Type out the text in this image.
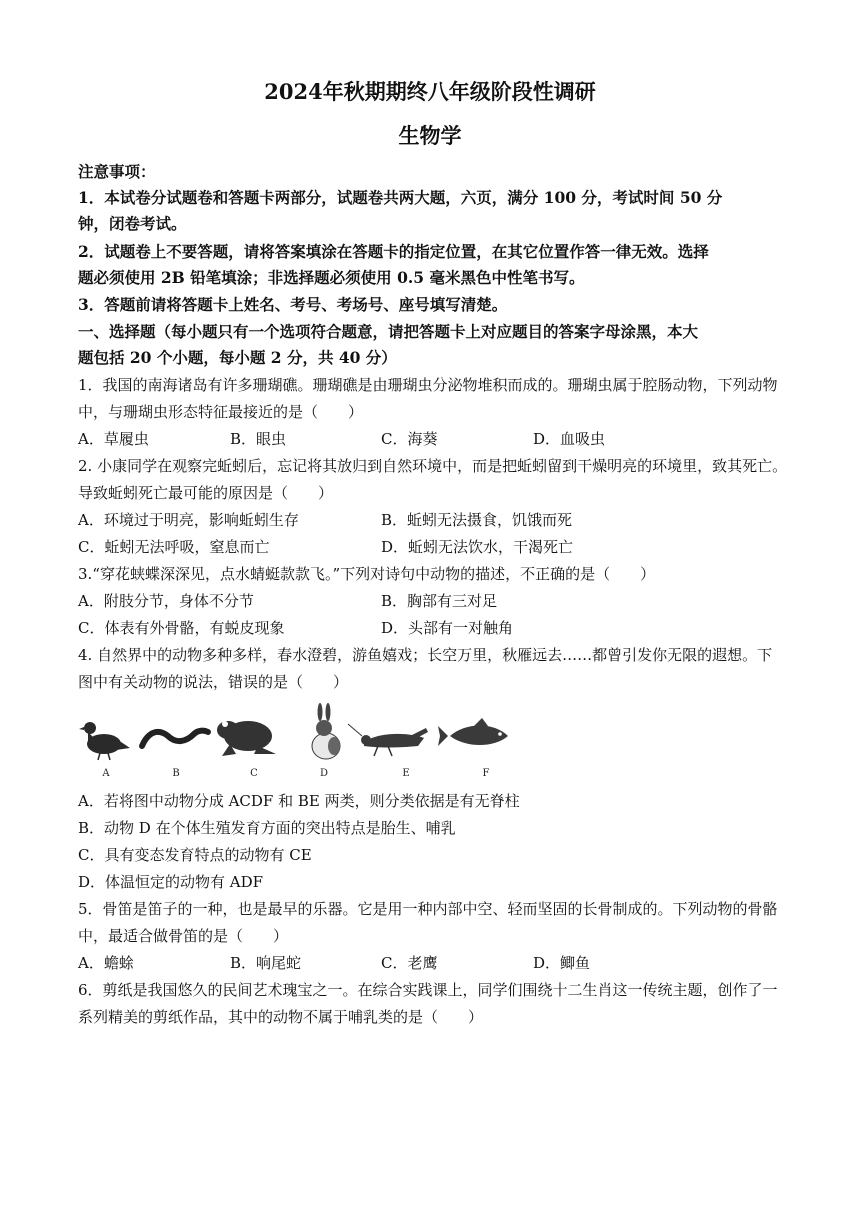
2024年秋期期终八年级阶段性调研
生物学
注意事项：
1．本试卷分试题卷和答题卡两部分，试题卷共两大题，六页，满分 100 分，考试时间 50 分
钟，闭卷考试。
2．试题卷上不要答题，请将答案填涂在答题卡的指定位置，在其它位置作答一律无效。选择
题必须使用 2B 铅笔填涂；非选择题必须使用 0.5 毫米黑色中性笔书写。
3．答题前请将答题卡上姓名、考号、考场号、座号填写清楚。
一、选择题（每小题只有一个选项符合题意，请把答题卡上对应题目的答案字母涂黑，本大
题包括 20 个小题，每小题 2 分，共 40 分）
1．我国的南海诸岛有许多珊瑚礁。珊瑚礁是由珊瑚虫分泌物堆积而成的。珊瑚虫属于腔肠动物，下列动物
中，与珊瑚虫形态特征最接近的是（　　）
A．草履虫	B．眼虫	C．海葵	D．血吸虫
2. 小康同学在观察完蚯蚓后，忘记将其放归到自然环境中，而是把蚯蚓留到干燥明亮的环境里，致其死亡。
导致蚯蚓死亡最可能的原因是（　　）
A．环境过于明亮，影响蚯蚓生存	B．蚯蚓无法摄食，饥饿而死
C．蚯蚓无法呼吸，窒息而亡	D．蚯蚓无法饮水，干渴死亡
3.“穿花蛱蝶深深见，点水蜻蜓款款飞。”下列对诗句中动物的描述，不正确的是（　　）
A．附肢分节，身体不分节	B．胸部有三对足
C．体表有外骨骼，有蜕皮现象	D．头部有一对触角
4. 自然界中的动物多种多样，春水澄碧，游鱼嬉戏；长空万里，秋雁远去……都曾引发你无限的遐想。下
图中有关动物的说法，错误的是（　　）
A	B	C	D	E	F
A．若将图中动物分成 ACDF 和 BE 两类，则分类依据是有无脊柱
B．动物 D 在个体生殖发育方面的突出特点是胎生、哺乳
C．具有变态发育特点的动物有 CE
D．体温恒定的动物有 ADF
5．骨笛是笛子的一种，也是最早的乐器。它是用一种内部中空、轻而坚固的长骨制成的。下列动物的骨骼
中，最适合做骨笛的是（　　）
A．蟾蜍	B．响尾蛇	C．老鹰	D．鲫鱼
6．剪纸是我国悠久的民间艺术瑰宝之一。在综合实践课上，同学们围绕十二生肖这一传统主题，创作了一
系列精美的剪纸作品，其中的动物不属于哺乳类的是（　　）
